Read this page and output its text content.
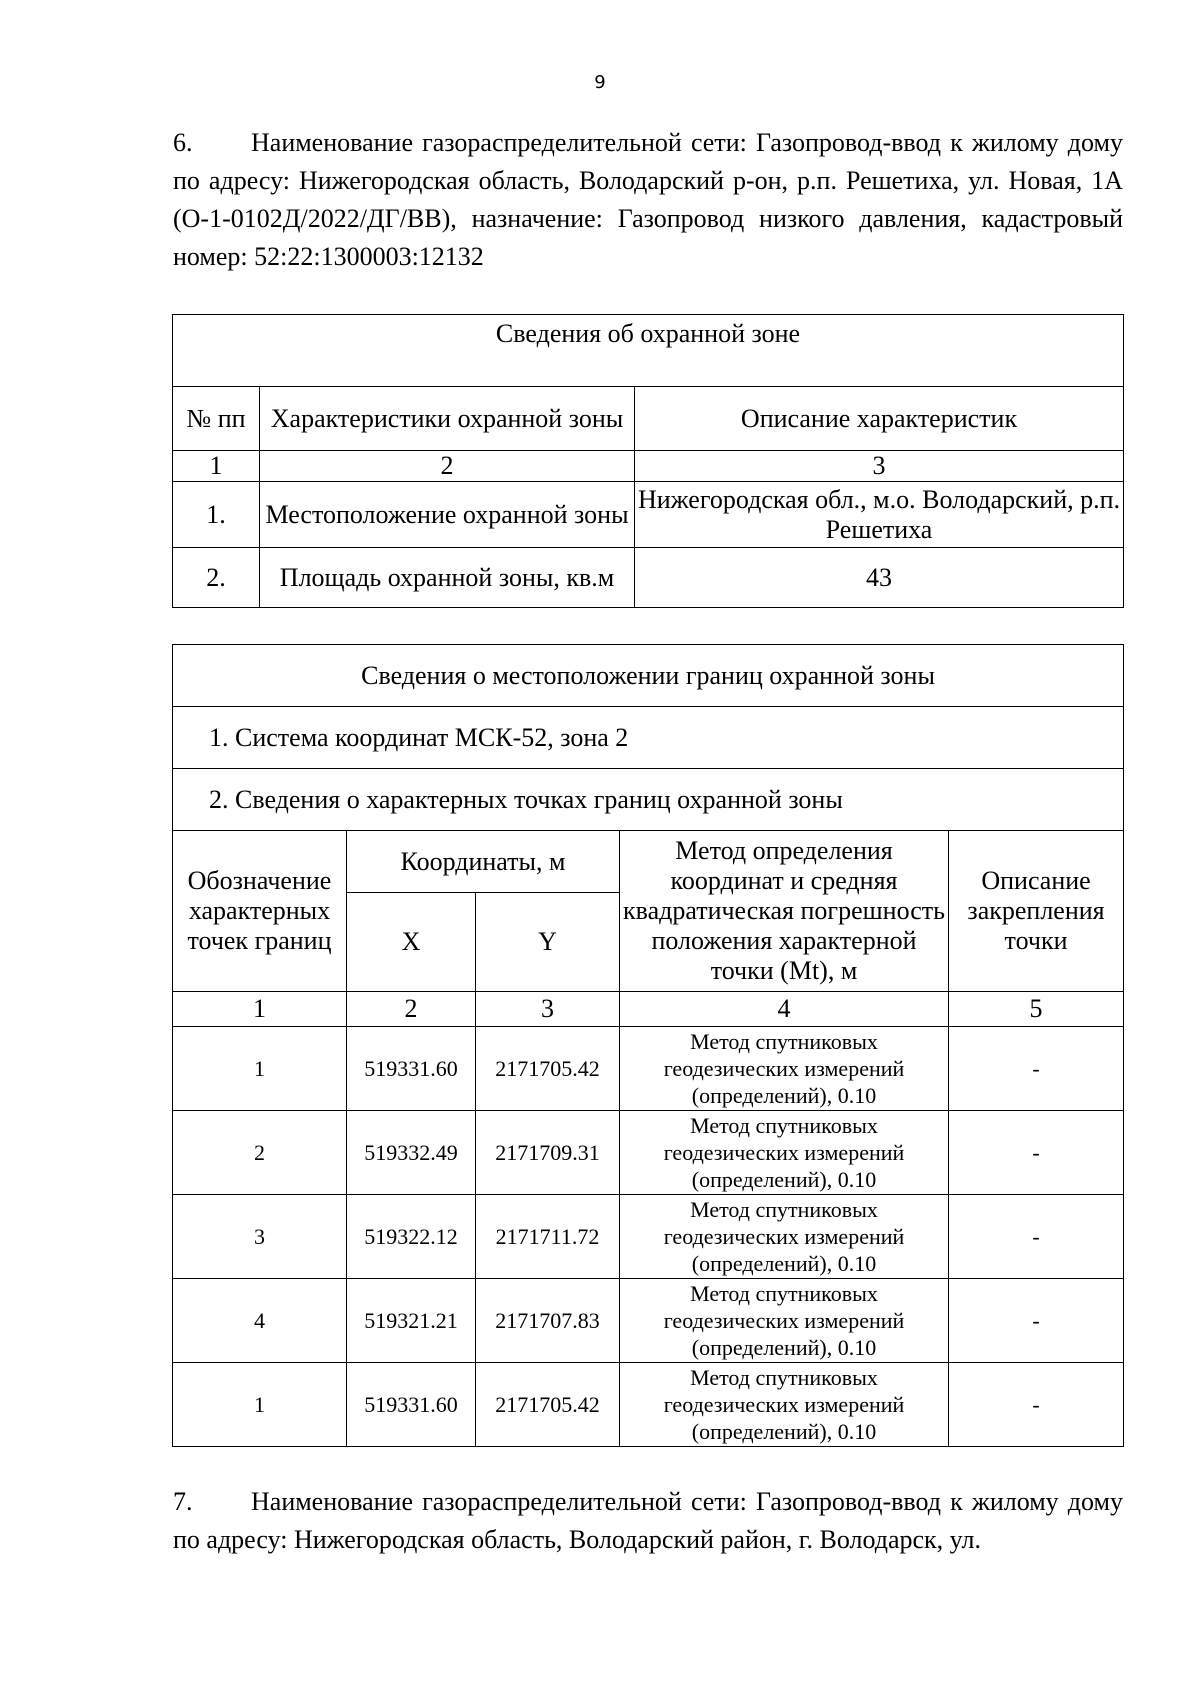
9
6. Наименование газораспределительной сети: Газопровод-ввод к жилому дому по адресу: Нижегородская область, Володарский р-он, р.п. Решетиха, ул. Новая, 1А (О-1-0102Д/2022/ДГ/ВВ), назначение: Газопровод низкого давления, кадастровый номер: 52:22:1300003:12132
Сведения об охранной зоне		
№ пп	Характеристики охранной зоны	Описание характеристик
1	2	3
1.	Местоположение охранной зоны	Нижегородская обл., м.о. Володарский, р.п. Решетиха
2.	Площадь охранной зоны, кв.м	43
Сведения о местоположении границ охранной зоны				
1. Система координат МСК-52, зона 2				
2. Сведения о характерных точках границ охранной зоны				
Обозначение характерных точек границ	Координаты, м		Метод определения координат и средняя квадратическая погрешность положения характерной точки (Mt), м	Описание закрепления точки
	X	Y		
1	2	3	4	5
1	519331.60	2171705.42	Метод спутниковых геодезических измерений (определений), 0.10	-
2	519332.49	2171709.31	Метод спутниковых геодезических измерений (определений), 0.10	-
3	519322.12	2171711.72	Метод спутниковых геодезических измерений (определений), 0.10	-
4	519321.21	2171707.83	Метод спутниковых геодезических измерений (определений), 0.10	-
1	519331.60	2171705.42	Метод спутниковых геодезических измерений (определений), 0.10	-
7. Наименование газораспределительной сети: Газопровод-ввод к жилому дому по адресу: Нижегородская область, Володарский район, г. Володарск, ул.
